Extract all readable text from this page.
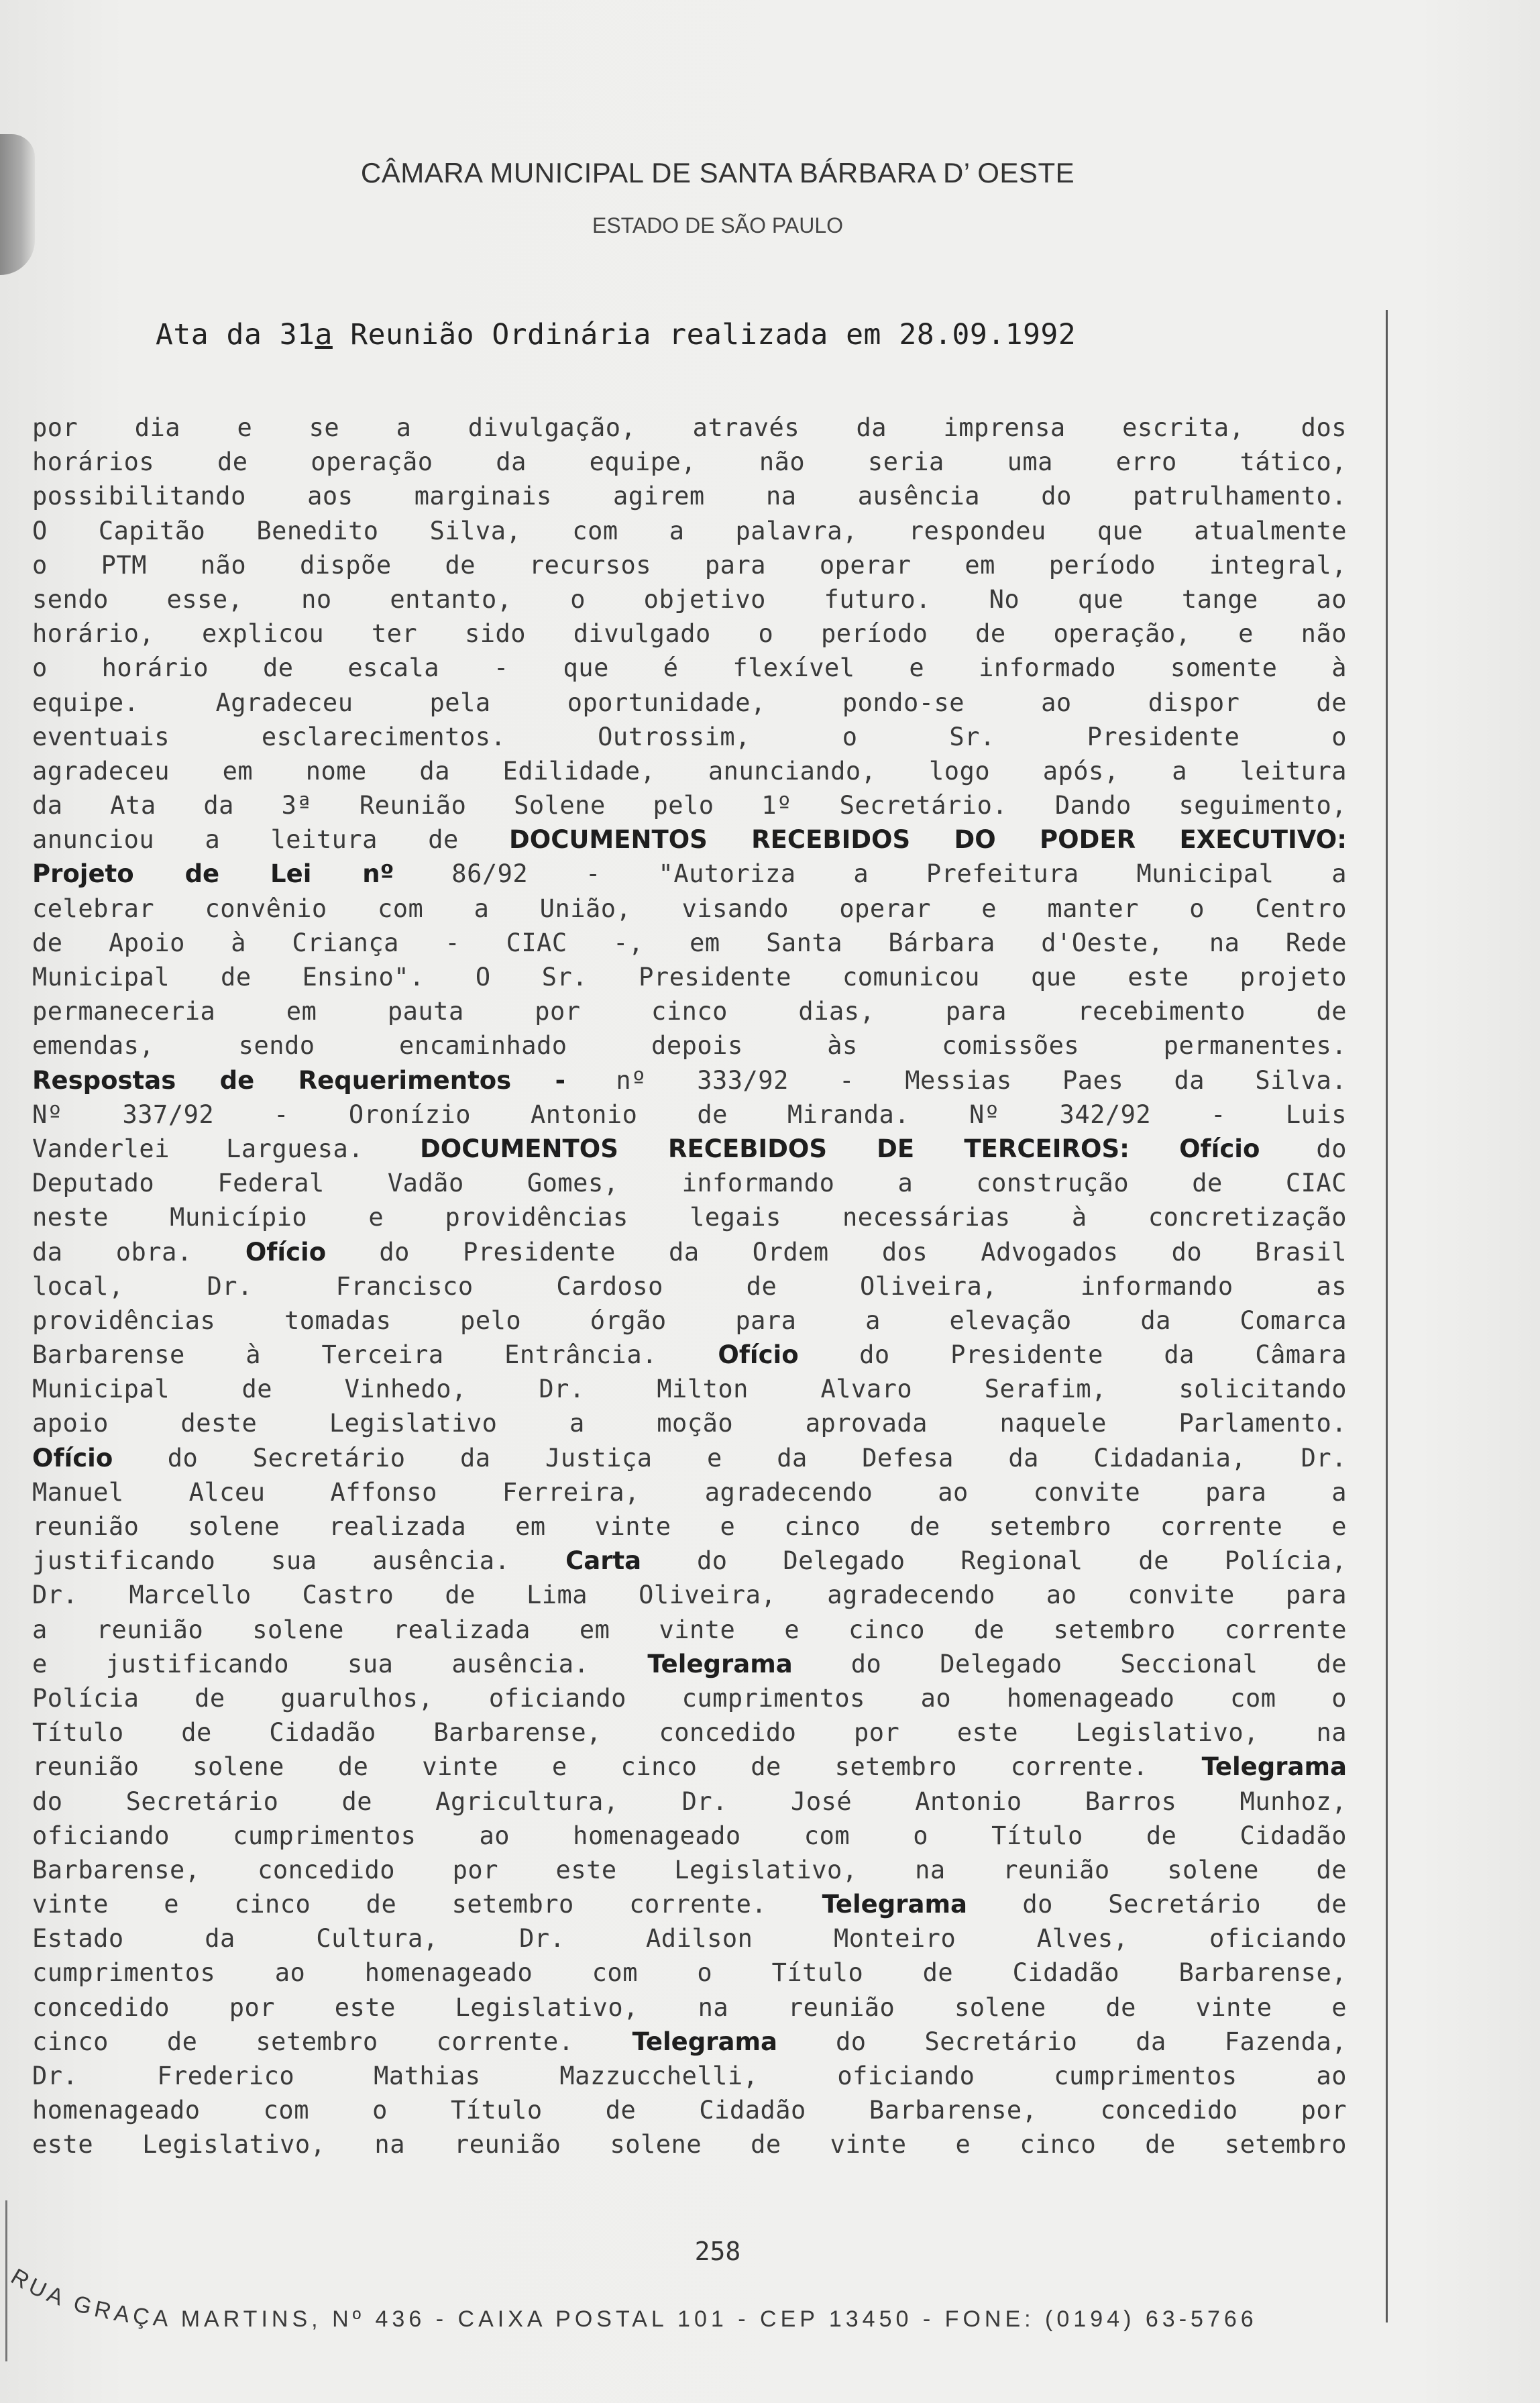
CÂMARA MUNICIPAL DE SANTA BÁRBARA D’ OESTE
ESTADO DE SÃO PAULO
Ata da 31a Reunião Ordinária realizada em 28.09.1992
por dia e se a divulgação, através da imprensa escrita, dos
horários de operação da equipe, não seria uma erro tático,
possibilitando aos marginais agirem na ausência do patrulhamento.
O Capitão Benedito Silva, com a palavra, respondeu que atualmente
o PTM não dispõe de recursos para operar em período integral,
sendo esse, no entanto, o objetivo futuro. No que tange ao
horário, explicou ter sido divulgado o período de operação, e não
o horário de escala - que é flexível e informado somente à
equipe. Agradeceu pela oportunidade, pondo-se ao dispor de
eventuais esclarecimentos. Outrossim, o Sr. Presidente o
agradeceu em nome da Edilidade, anunciando, logo após, a leitura
da Ata da 3ª Reunião Solene pelo 1º Secretário. Dando seguimento,
anunciou a leitura de DOCUMENTOS RECEBIDOS DO PODER EXECUTIVO:
Projeto de Lei nº 86/92 - "Autoriza a Prefeitura Municipal a
celebrar convênio com a União, visando operar e manter o Centro
de Apoio à Criança - CIAC -, em Santa Bárbara d'Oeste, na Rede
Municipal de Ensino". O Sr. Presidente comunicou que este projeto
permaneceria em pauta por cinco dias, para recebimento de
emendas, sendo encaminhado depois às comissões permanentes.
Respostas de Requerimentos - nº 333/92 - Messias Paes da Silva.
Nº 337/92 - Oronízio Antonio de Miranda. Nº 342/92 - Luis
Vanderlei Larguesa. DOCUMENTOS RECEBIDOS DE TERCEIROS: Ofício do
Deputado Federal Vadão Gomes, informando a construção de CIAC
neste Município e providências legais necessárias à concretização
da obra. Ofício do Presidente da Ordem dos Advogados do Brasil
local, Dr. Francisco Cardoso de Oliveira, informando as
providências tomadas pelo órgão para a elevação da Comarca
Barbarense à Terceira Entrância. Ofício do Presidente da Câmara
Municipal de Vinhedo, Dr. Milton Alvaro Serafim, solicitando
apoio deste Legislativo a moção aprovada naquele Parlamento.
Ofício do Secretário da Justiça e da Defesa da Cidadania, Dr.
Manuel Alceu Affonso Ferreira, agradecendo ao convite para a
reunião solene realizada em vinte e cinco de setembro corrente e
justificando sua ausência. Carta do Delegado Regional de Polícia,
Dr. Marcello Castro de Lima Oliveira, agradecendo ao convite para
a reunião solene realizada em vinte e cinco de setembro corrente
e justificando sua ausência. Telegrama do Delegado Seccional de
Polícia de guarulhos, oficiando cumprimentos ao homenageado com o
Título de Cidadão Barbarense, concedido por este Legislativo, na
reunião solene de vinte e cinco de setembro corrente. Telegrama
do Secretário de Agricultura, Dr. José Antonio Barros Munhoz,
oficiando cumprimentos ao homenageado com o Título de Cidadão
Barbarense, concedido por este Legislativo, na reunião solene de
vinte e cinco de setembro corrente. Telegrama do Secretário de
Estado da Cultura, Dr. Adilson Monteiro Alves, oficiando
cumprimentos ao homenageado com o Título de Cidadão Barbarense,
concedido por este Legislativo, na reunião solene de vinte e
cinco de setembro corrente. Telegrama do Secretário da Fazenda,
Dr. Frederico Mathias Mazzucchelli, oficiando cumprimentos ao
homenageado com o Título de Cidadão Barbarense, concedido por
este Legislativo, na reunião solene de vinte e cinco de setembro
258
RUA GRAÇA MARTINS, Nº 436 - CAIXA POSTAL 101 - CEP 13450 - FONE: (0194) 63-5766
